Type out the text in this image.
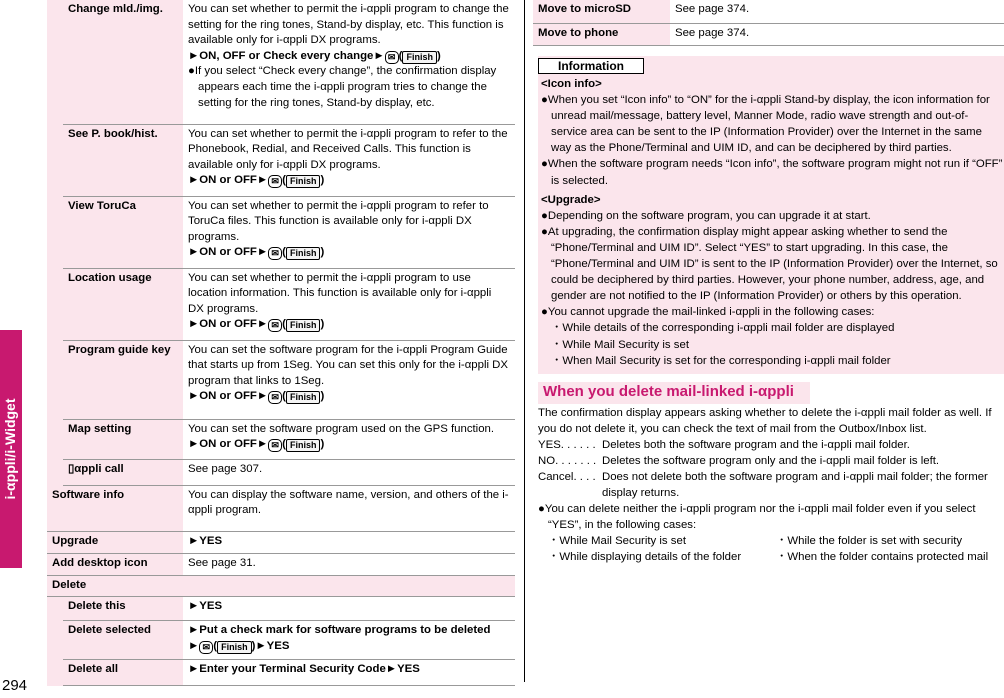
i-αppli/i-Widget
294
	Change mld./img.	You can set whether to permit the i-αppli program to change the setting for the ring tones, Stand-by display, etc. This function is available only for i-αppli DX programs.
►ON, OFF or Check every change► ✉ ( Finish )
●If you select “Check every change”, the confirmation display appears each time the i-αppli program tries to change the setting for the ring tones, Stand-by display, etc.

	See P. book/hist.	You can set whether to permit the i-αppli program to refer to the Phonebook, Redial, and Received Calls. This function is available only for i-αppli DX programs.
►ON or OFF► ✉ ( Finish )

	View ToruCa	You can set whether to permit the i-αppli program to refer to ToruCa files. This function is available only for i-αppli DX programs.
►ON or OFF► ✉ ( Finish )

	Location usage	You can set whether to permit the i-αppli program to use location information. This function is available only for i-αppli DX programs.
►ON or OFF► ✉ ( Finish )

	Program guide key	You can set the software program for the i-αppli Program Guide that starts up from 1Seg. You can set this only for the i-αppli DX program that links to 1Seg.
►ON or OFF► ✉ ( Finish )

	Map setting	You can set the software program used on the GPS function.
►ON or OFF► ✉ ( Finish )

	▯αppli call	See page 307.

Software info		You can display the software name, version, and others of the i-αppli program.
Upgrade		►YES

Add desktop icon		See page 31.
Delete		
	Delete this	►YES

	Delete selected	►Put a check mark for software programs to be deleted
► ✉ ( Finish )►YES

	Delete all	►Enter your Terminal Security Code►YES
Move to microSD	See page 374.
Move to phone	See page 374.
Information
<Icon info>
●When you set “Icon info” to “ON” for the i-αppli Stand-by display, the icon information for unread mail/message, battery level, Manner Mode, radio wave strength and out-of-service area can be sent to the IP (Information Provider) over the Internet in the same way as the Phone/Terminal and UIM ID, and can be deciphered by third parties.
●When the software program needs “Icon info”, the software program might not run if “OFF” is selected.
<Upgrade>
●Depending on the software program, you can upgrade it at start.
●At upgrading, the confirmation display might appear asking whether to send the “Phone/Terminal and UIM ID”. Select “YES” to start upgrading. In this case, the “Phone/Terminal and UIM ID” is sent to the IP (Information Provider) over the Internet, so could be deciphered by third parties. However, your phone number, address, age, and gender are not notified to the IP (Information Provider) or others by this operation.
●You cannot upgrade the mail-linked i-αppli in the following cases:
・While details of the corresponding i-αppli mail folder are displayed
・While Mail Security is set
・When Mail Security is set for the corresponding i-αppli mail folder
When you delete mail-linked i-αppli
The confirmation display appears asking whether to delete the i-αppli mail folder as well. If you do not delete it, you can check the text of mail from the Outbox/Inbox list.
YES. . . . . . Deletes both the software program and the i-αppli mail folder.
NO. . . . . . . Deletes the software program only and the i-αppli mail folder is left.
Cancel. . . . Does not delete both the software program and i-αppli mail folder; the former display returns.
●You can delete neither the i-αppli program nor the i-αppli mail folder even if you select “YES”, in the following cases:
・While Mail Security is set	・While the folder is set with security
・While displaying details of the folder	・When the folder contains protected mail
